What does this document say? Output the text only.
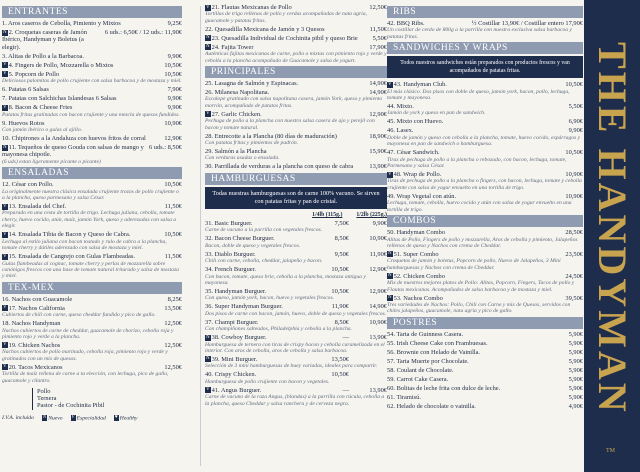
ENTRANTES
1. Aros caseros de Cebolla, Pimiento y Mixtos	9,25€
N 2. Croquetas caseras de Jamón Ibérico, Handyman y Boletus (a elegir).
6 uds.: 6,50€ / 12 uds.: 11,90€
3. Alitas de Pollo a la Barbacoa.	9,90€
V 4. Fingers de Pollo, Mozzarella o Mixtos	10,50€
V 5. Popcorn de Pollo	10,50€
Deliciosos palomitas de pollo crujiente con salsa barbacoa y de mostaza y miel.
6. Patatas 6 Salsas	7,90€
7. Patatas con Salchichas Islandesas 6 Salsas	9,90€
V 8. Bacon & Cheese Fries	9,90€
Patatas fritas gratinadas con bacon crujiente y una mezcla de quesos fundidos.
9. Huevos Rotos	10,90€
Con jamón ibérico o gulas al ajillo.
10. Chipirones a la Andaluza con huevos fritos de corral	12,90€
N 11. Tequeños de queso Gouda con salsas de mango y mayonesa chipotle.
6 uds.: 8,50€
(6 uds) estan ligeramente picante o picante)
ENSALADAS
12. César con Pollo.	10,50€
La originalmente nuestra clásica ensalada crujiente trozos de pollo crujiente o a la plancha, queso parmesano y salsa César.
V 13. Ensalada del Chef.	11,50€
Preparado en una cesta de tortilla de trigo. Lechuga juliana, cebolla, tomate cherry, huevo cocido, atún, maíz, jamón York, queso y aderezadas con salsa a elegir.
V 14. Ensalada Tibia de Bacon y Queso de Cabra.	10,50€
Lechuga al estilo juliana con bacon tostado y rulo de cabra a la plancha, tomate cherry y dátiles aderezado con salsa de mostaza y miel.
V 15. Ensalada de Cangrejo con Gulas Flambeadas.	11,50€
Gulas flambeadas al cognac, tomate cherry y perlas de mozzarella sobre canónigos frescos con una base de tomate natural triturado y salsa de mostaza y miel.
TEX-MEX
16. Nachos con Guacamole	8,25€
V 17. Nachos California	13,50€
Cubiertos de chili con carne, queso cheddar fundido y pico de gallo.
18. Nachos Handyman	12,50€
Nachos cubiertos de carne de cheddar, guacamole de chorizo, cebolla roja y pimiento rojo y verde a la plancha.
V 19. Chicken Nachos	12,50€
Nachos cubiertos de pollo marinado, cebolla roja, pimiento rojo y verde y gratinados con un mix de quesos.
V 20. Tacos Mexicanos	12,50€
Tortilla de maíz rellena de carne a tu elección, con lechuga, pico de gallo, guacamole y cilantro.
Pollo
Ternera
Pastor - de Cochinita Pibil
I.V.A. incluido N Nuevo V Especialidad ♥ Healthy
V 21. Flautas Mexicanas de Pollo	12,50€
Tortillas de trigo rellenas de pollo y cerdas acompañadas de nata agria, guacamole y patatas fritas.
22. Quesadilla Mexicana de Jamón y 3 Quesos	11,50€
N 23. Quesadilla Individual de Cochinita pibil y queso Brie	5,50€
N 24. Fajita Tower	17,90€
Auténticas fajitas mexicanas de carne, pollo o mixtas con pimiento rojo y verde y cebolla a la plancha acompañado de Guacamole y salsa de yogurt.
PRINCIPALES
25. Lasagna de Salmón y Espinacas.	14,90€
26. Milanesa Napolitana.	14,90€
Escalope gratinado con salsa napolitana casera, jamón York, queso y pimiento morrón, acompañado de patatas fritas.
V 27. Garlic Chicken.	12,90€
Pechuga de pollo a la plancha con nuestra salsa casera de ajo y perejil con bacon y tomate natural.
28. Entrecotte a la Plancha (80 días de maduración)	18,90€
Con patatas fritas y pimientos de padrón.
29. Salmón a la Plancha	15,90€
Con verduras asadas o ensalada.
30. Parrillada de verduras a la plancha con queso de cabra	13,90€
HAMBURGUESAS
Todas nuestras hamburguesas son de carne 100% vacuno. Se sirven con patatas fritas y pan de cristal.
1/4lb (115g.) 1/2lb (225g.)
31. Basic Burguer.	7,50€	9,90€
Carne de vacuno a la parrilla con vegetales frescos.
32. Bacon Cheese Burguer.	8,50€	10,90€
Bacon, doble de queso y vegetales frescos.
33. Diablo Burguer.	9,50€	11,90€
Chili con carne, cebolla, cheddar, jalapeño y bacon.
34. French Burguer.	10,50€	12,90€
Con bacon, tomate, queso brie, cebolla a la plancha, mostaza antigua y mayonesa.
35. Handyman Burguer.	10,50€	12,90€
Con queso, jamón york, bacon, huevo y vegetales frescos.
36. Super Handyman Burguer.	11,90€	14,90€
Dos pisos de carne con bacon, jamón, huevo, doble de queso y vegetales frescos.
37. Champi Burguer.	8,50€	10,90€
Con champiñones salteados, Philadelphia y cebolla a la plancha.
N 38. Cowboy Burguer.	—	13,90€
Hamburguesa de ternera con tiras de crispy bacon y cebolla caramelizada en el interior. Con aros de cebolla, aros de cebolla y salsa barbacoa.
N 39. Mini Burguer.	13,50€
Selección de 3 mini hamburguesas de buey variadas, ideales para compartir.
40. Crispy Chicken.	10,50€
Hamburguesa de pollo crujiente con bacon y vegetales.
V 41. Angus Burguer.	—	13,90€
Carne de vacuno de la raza Angus, (blandas) a la parrilla con rúcula, cebolla a la plancha, queso Cheddar y salsa ranchera y de cerveza negra.
RIBS
42. BBQ Ribs.	½ Costillar 13,90€ / Costillar entero 17,90€
Un costillar de cerdo de 800g a la parrilla con nuestra exclusiva salsa barbacoa y patatas fritas.
SANDWICHES Y WRAPS
Todos nuestros sandwiches están preparados con productos frescos y van acompañados de patatas fritas.
V 43. Handyman Club.	10,50€
El más clásico. Dos pisos con doble de queso, jamón york, bacon, pollo, lechuga, tomate y mayonesa.
44. Mixto.	5,50€
Jamón de york y queso en pan de sandwich.
45. Mixto con Huevo.	6,90€
46. Lasex.	9,90€
Doble de jamón y queso con cebolla a la plancha, tomate, huevo cocido, espárragos y mayonesa en pan de sandwich o hamburguesa.
47. César Sandwich.	10,50€
Tiras de pechuga de pollo a la plancha o rebozado, con bacon, lechuga, tomate, Parmesano y salsa César.
V 48. Wrap de Pollo.	10,90€
Tiras de pechuga de pollo a la plancha o fingers, con bacon, lechuga, tomate y cebolla crujiente con salsa de yogur envuelto en una tortilla de trigo.
49. Wrap Vegetal con atún.	10,90€
Lechuga, tomate, cebolla, huevo cocido y atún con salsa de yogur envuelto en una tortilla de trigo.
COMBOS
50. Handyman Combo	28,50€
Alitas de Pollo, Fingers de pollo y mozzarella, Aros de cebolla y pimiento, Jalapeños rellenos de queso y Nachos con crema de Cheddar.
N 51. Super Combo	23,50€
Croquetas de jamón y boletus, Popcorn de pollo, Nuevo de Jalapeños, 3 Mini hamburguesas y Nachos con crema de Cheddar.
N 52. Chicken Combo	24,50€
Mix de nuestros mejores platos de Pollo: Alitas, Popcorn, Fingers, Tacos de pollo y Flautas mexicanas. Acompañados de salsa barbacoa y de mostaza y miel.
N 53. Nachos Combo	39,50€
Tres variedades de Nachos: Pollo, Chili con Carne y mix de Quesos, servidos con chiles jalapeños, guacamole, nata agria y pico de gallo.
POSTRES
54. Tarta de Guinness Casera.	5,90€
55. Irish Cheese Cake con Frambuesas.	5,90€
56. Brownie con Helado de Vainilla.	5,90€
57. Tarta Muerte por Chocolate.	5,90€
58. Coulant de Chocolate.	5,90€
59. Carrot Cake Casera.	5,90€
60. Bolitas de leche frita con dulce de leche.	5,90€
61. Tiramisú.	5,90€
62. Helado de chocolate o vainilla.	4,90€ THE HANDYMAN
TM
